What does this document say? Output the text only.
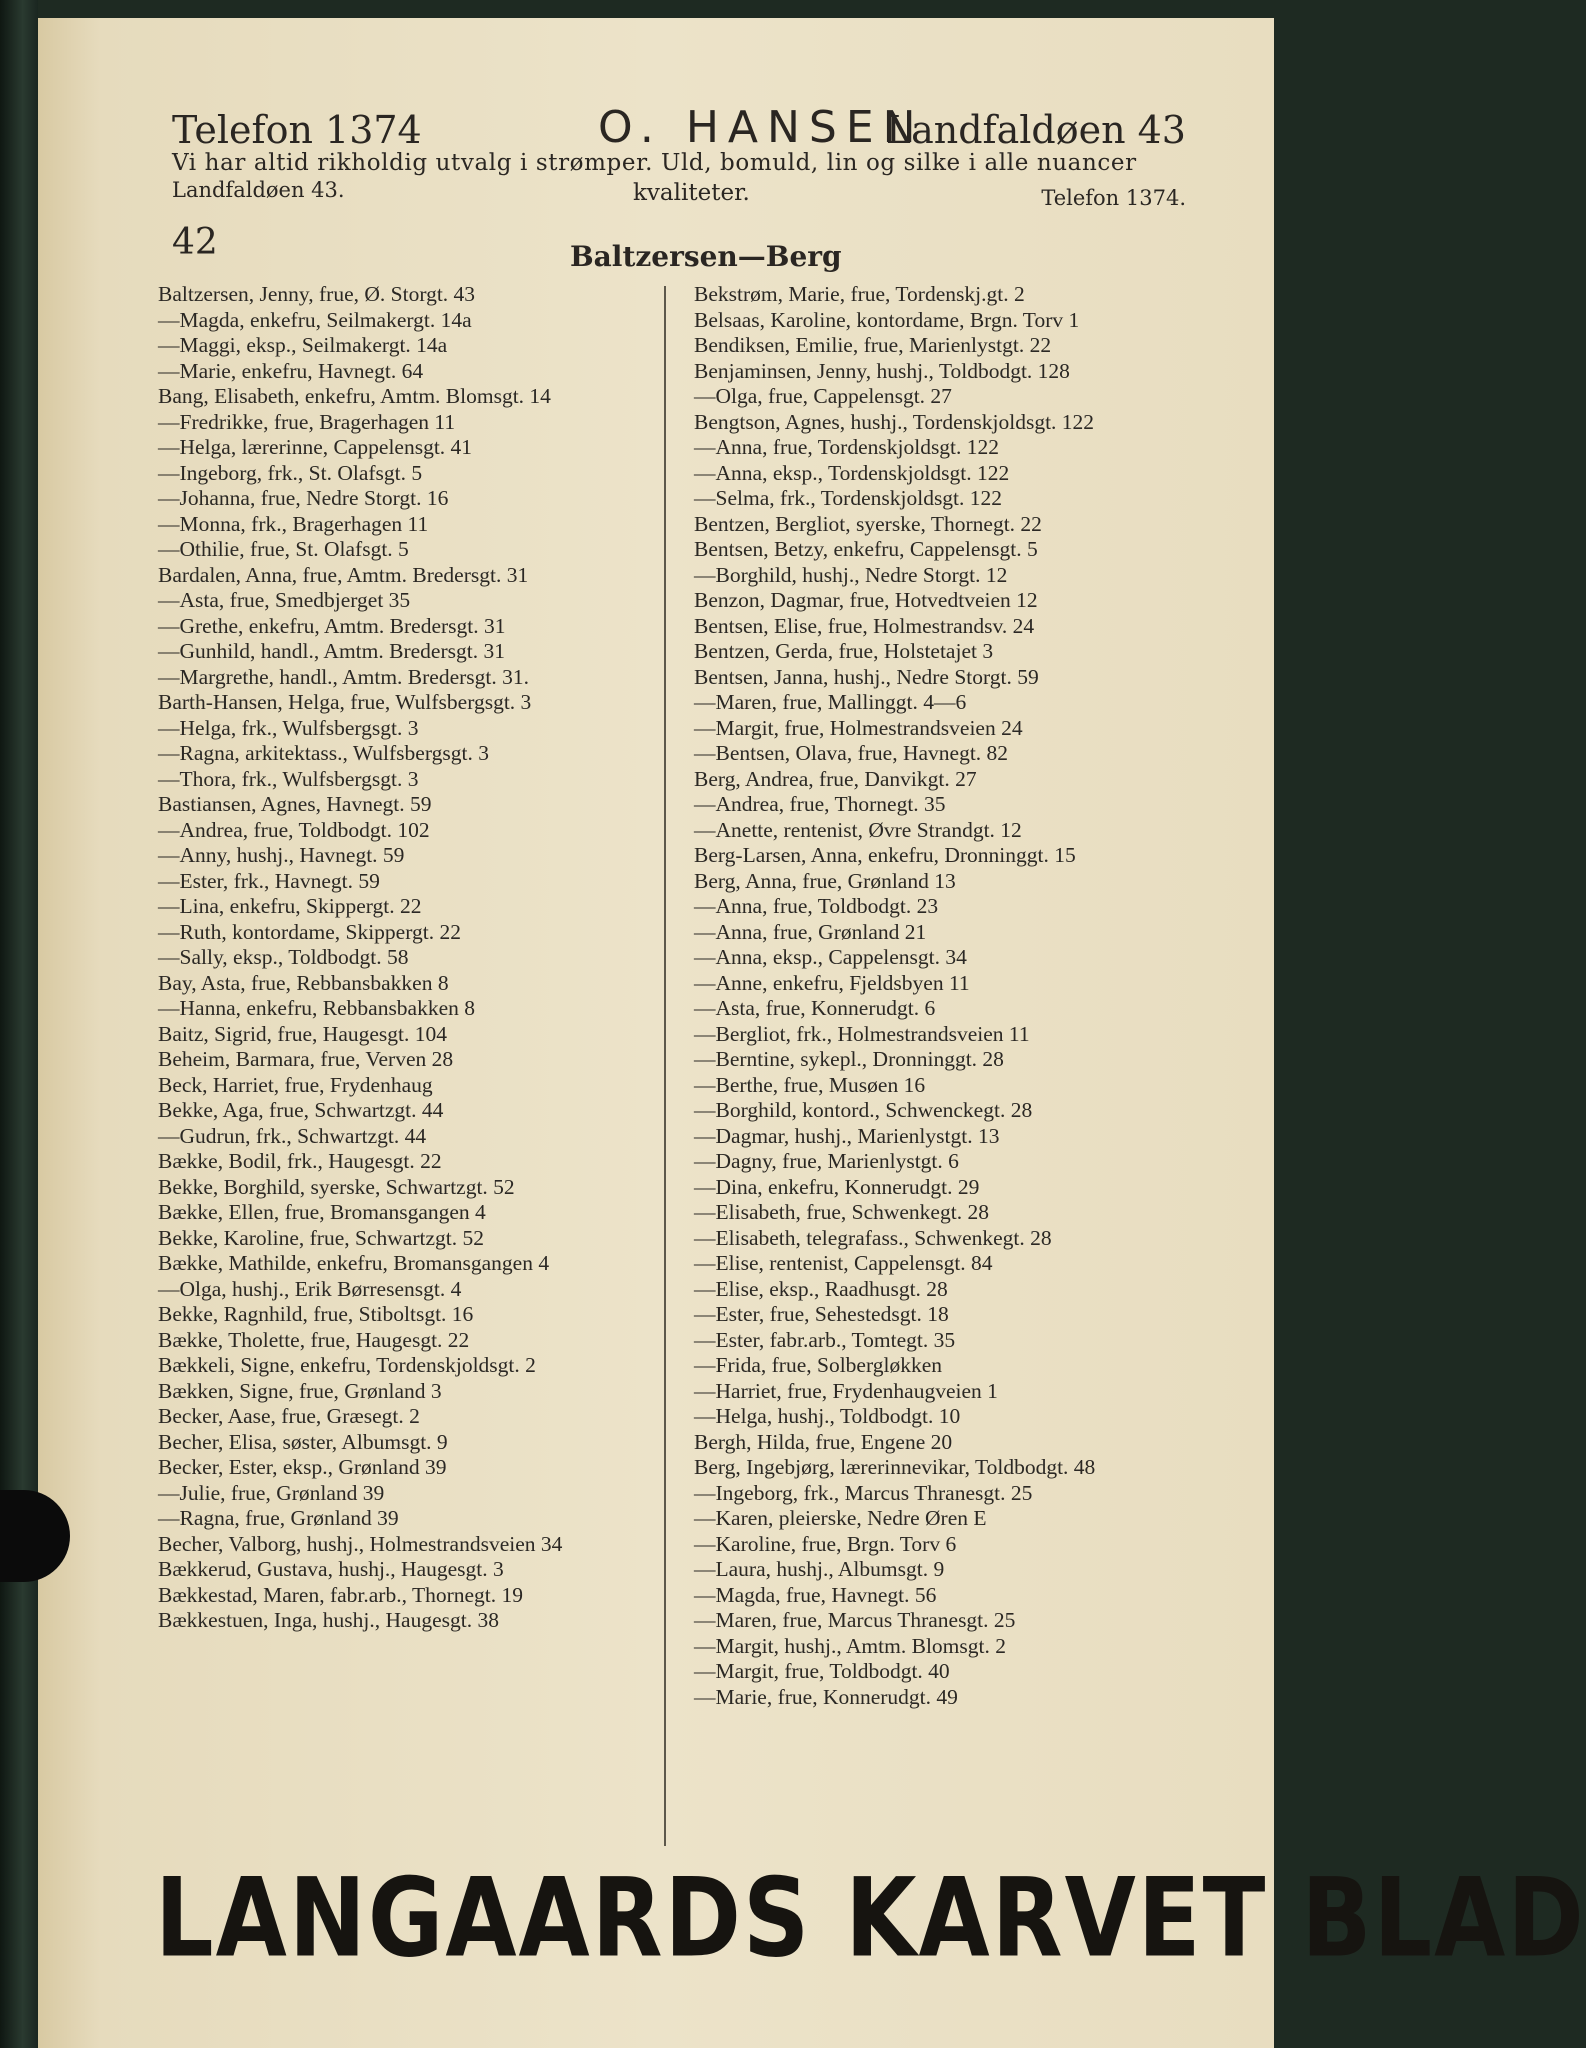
Telefon 1374	O. HANSEN
Landfaldøen 43
Vi har altid rikholdig utvalg i strømper. Uld, bomuld, lin og silke i alle nuancer
Landfaldøen 43.	kvaliteter.	Telefon 1374.
42	Baltzersen—Berg
Baltzersen, Jenny, frue, Ø. Storgt. 43
—Magda, enkefru, Seilmakergt. 14a
—Maggi, eksp., Seilmakergt. 14a
—Marie, enkefru, Havnegt. 64
Bang, Elisabeth, enkefru, Amtm. Blomsgt. 14
—Fredrikke, frue, Bragerhagen 11
—Helga, lærerinne, Cappelensgt. 41
—Ingeborg, frk., St. Olafsgt. 5
—Johanna, frue, Nedre Storgt. 16
—Monna, frk., Bragerhagen 11
—Othilie, frue, St. Olafsgt. 5
Bardalen, Anna, frue, Amtm. Bredersgt. 31
—Asta, frue, Smedbjerget 35
—Grethe, enkefru, Amtm. Bredersgt. 31
—Gunhild, handl., Amtm. Bredersgt. 31
—Margrethe, handl., Amtm. Bredersgt. 31.
Barth-Hansen, Helga, frue, Wulfsbergsgt. 3
—Helga, frk., Wulfsbergsgt. 3
—Ragna, arkitektass., Wulfsbergsgt. 3
—Thora, frk., Wulfsbergsgt. 3
Bastiansen, Agnes, Havnegt. 59
—Andrea, frue, Toldbodgt. 102
—Anny, hushj., Havnegt. 59
—Ester, frk., Havnegt. 59
—Lina, enkefru, Skippergt. 22
—Ruth, kontordame, Skippergt. 22
—Sally, eksp., Toldbodgt. 58
Bay, Asta, frue, Rebbansbakken 8
—Hanna, enkefru, Rebbansbakken 8
Baitz, Sigrid, frue, Haugesgt. 104
Beheim, Barmara, frue, Verven 28
Beck, Harriet, frue, Frydenhaug
Bekke, Aga, frue, Schwartzgt. 44
—Gudrun, frk., Schwartzgt. 44
Bække, Bodil, frk., Haugesgt. 22
Bekke, Borghild, syerske, Schwartzgt. 52
Bække, Ellen, frue, Bromansgangen 4
Bekke, Karoline, frue, Schwartzgt. 52
Bække, Mathilde, enkefru, Bromansgangen 4
—Olga, hushj., Erik Børresensgt. 4
Bekke, Ragnhild, frue, Stiboltsgt. 16
Bække, Tholette, frue, Haugesgt. 22
Bækkeli, Signe, enkefru, Tordenskjoldsgt. 2
Bækken, Signe, frue, Grønland 3
Becker, Aase, frue, Græsegt. 2
Becher, Elisa, søster, Albumsgt. 9
Becker, Ester, eksp., Grønland 39
—Julie, frue, Grønland 39
—Ragna, frue, Grønland 39
Becher, Valborg, hushj., Holmestrandsveien 34
Bækkerud, Gustava, hushj., Haugesgt. 3
Bækkestad, Maren, fabr.arb., Thornegt. 19
Bækkestuen, Inga, hushj., Haugesgt. 38
Bekstrøm, Marie, frue, Tordenskj.gt. 2
Belsaas, Karoline, kontordame, Brgn. Torv 1
Bendiksen, Emilie, frue, Marienlystgt. 22
Benjaminsen, Jenny, hushj., Toldbodgt. 128
—Olga, frue, Cappelensgt. 27
Bengtson, Agnes, hushj., Tordenskjoldsgt. 122
—Anna, frue, Tordenskjoldsgt. 122
—Anna, eksp., Tordenskjoldsgt. 122
—Selma, frk., Tordenskjoldsgt. 122
Bentzen, Bergliot, syerske, Thornegt. 22
Bentsen, Betzy, enkefru, Cappelensgt. 5
—Borghild, hushj., Nedre Storgt. 12
Benzon, Dagmar, frue, Hotvedtveien 12
Bentsen, Elise, frue, Holmestrandsv. 24
Bentzen, Gerda, frue, Holstetajet 3
Bentsen, Janna, hushj., Nedre Storgt. 59
—Maren, frue, Mallinggt. 4—6
—Margit, frue, Holmestrandsveien 24
—Bentsen, Olava, frue, Havnegt. 82
Berg, Andrea, frue, Danvikgt. 27
—Andrea, frue, Thornegt. 35
—Anette, rentenist, Øvre Strandgt. 12
Berg-Larsen, Anna, enkefru, Dronninggt. 15
Berg, Anna, frue, Grønland 13
—Anna, frue, Toldbodgt. 23
—Anna, frue, Grønland 21
—Anna, eksp., Cappelensgt. 34
—Anne, enkefru, Fjeldsbyen 11
—Asta, frue, Konnerudgt. 6
—Bergliot, frk., Holmestrandsveien 11
—Berntine, sykepl., Dronninggt. 28
—Berthe, frue, Musøen 16
—Borghild, kontord., Schwenckegt. 28
—Dagmar, hushj., Marienlystgt. 13
—Dagny, frue, Marienlystgt. 6
—Dina, enkefru, Konnerudgt. 29
—Elisabeth, frue, Schwenkegt. 28
—Elisabeth, telegrafass., Schwenkegt. 28
—Elise, rentenist, Cappelensgt. 84
—Elise, eksp., Raadhusgt. 28
—Ester, frue, Sehestedsgt. 18
—Ester, fabr.arb., Tomtegt. 35
—Frida, frue, Solbergløkken
—Harriet, frue, Frydenhaugveien 1
—Helga, hushj., Toldbodgt. 10
Bergh, Hilda, frue, Engene 20
Berg, Ingebjørg, lærerinnevikar, Toldbodgt. 48
—Ingeborg, frk., Marcus Thranesgt. 25
—Karen, pleierske, Nedre Øren E
—Karoline, frue, Brgn. Torv 6
—Laura, hushj., Albumsgt. 9
—Magda, frue, Havnegt. 56
—Maren, frue, Marcus Thranesgt. 25
—Margit, hushj., Amtm. Blomsgt. 2
—Margit, frue, Toldbodgt. 40
—Marie, frue, Konnerudgt. 49
LANGAARDS KARVET BLAD
